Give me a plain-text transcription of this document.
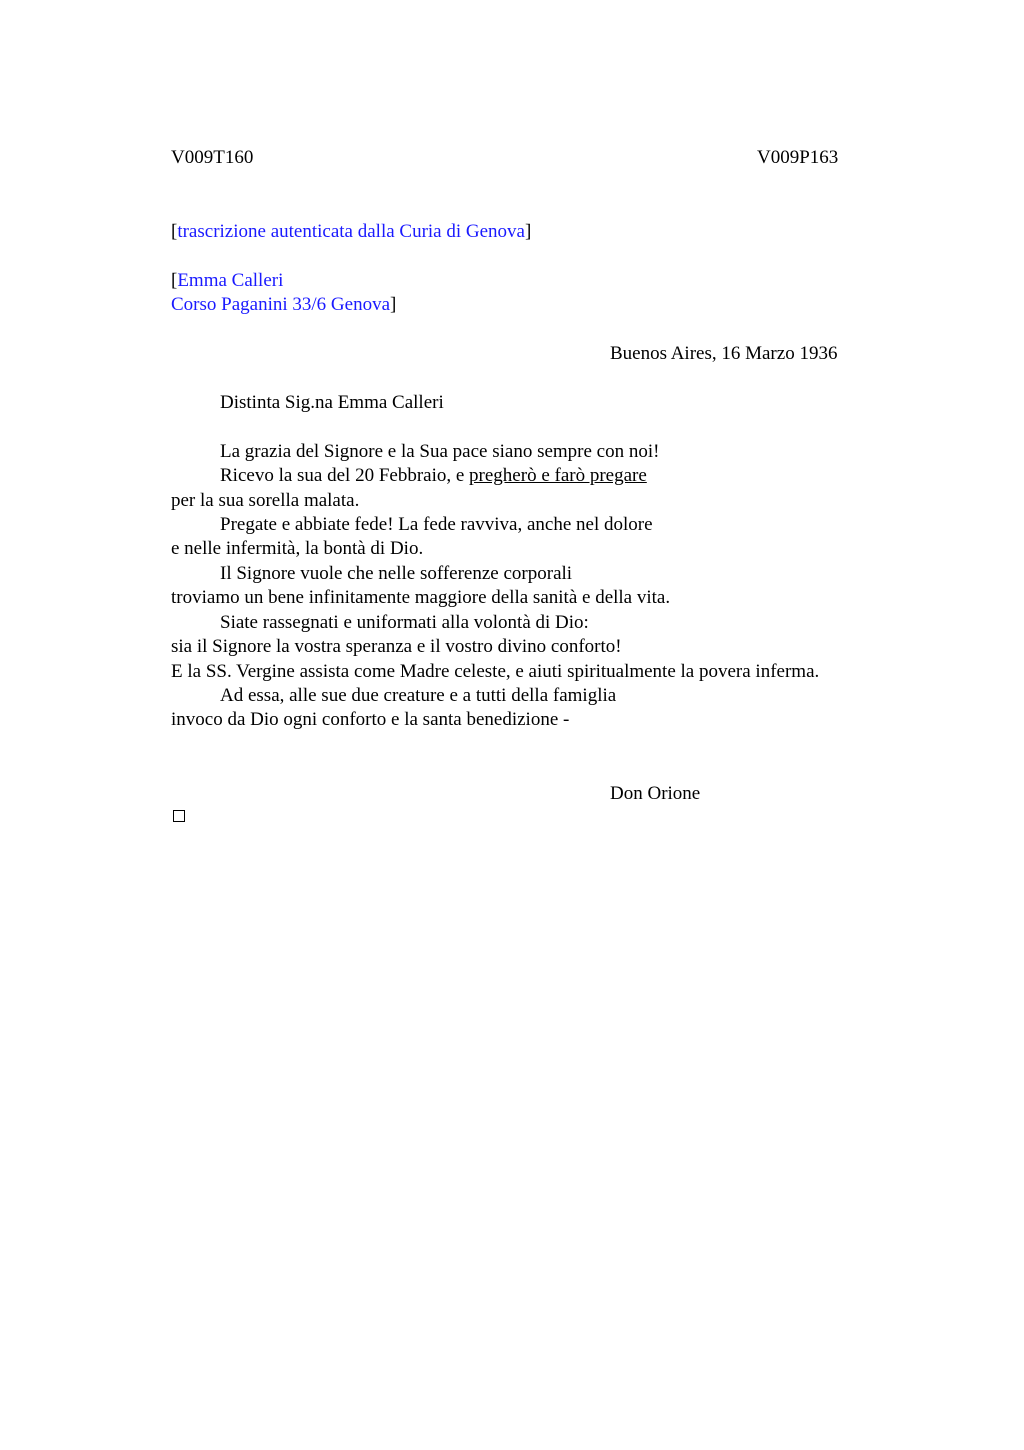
V009T160	V009P163
[trascrizione autenticata dalla Curia di Genova]
[Emma Calleri
Corso Paganini 33/6 Genova]
Buenos Aires, 16 Marzo 1936
Distinta Sig.na Emma Calleri
La grazia del Signore e la Sua pace siano sempre con noi!
Ricevo la sua del 20 Febbraio, e pregherò e farò pregare
per la sua sorella malata.
Pregate e abbiate fede! La fede ravviva, anche nel dolore
e nelle infermità, la bontà di Dio.
Il Signore vuole che nelle sofferenze corporali
troviamo un bene infinitamente maggiore della sanità e della vita.
Siate rassegnati e uniformati alla volontà di Dio:
sia il Signore la vostra speranza e il vostro divino conforto!
E la SS. Vergine assista come Madre celeste, e aiuti spiritualmente la povera inferma.
Ad essa, alle sue due creature e a tutti della famiglia
invoco da Dio ogni conforto e la santa benedizione -
Don Orione
